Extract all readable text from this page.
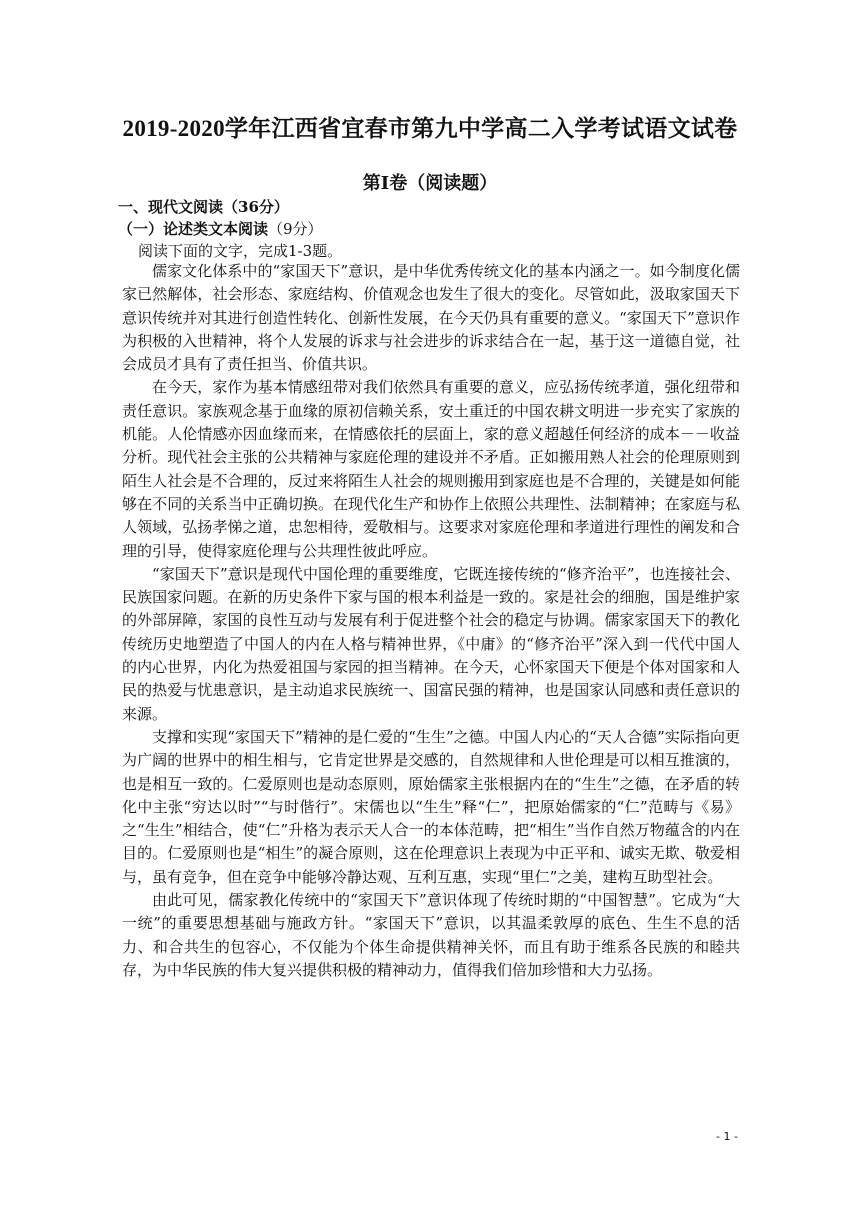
2019-2020学年江西省宜春市第九中学高二入学考试语文试卷
第Ⅰ卷（阅读题）
一、现代文阅读（36分）
（一）论述类文本阅读（9分）
阅读下面的文字，完成1-3题。

儒家文化体系中的“家国天下”意识，是中华优秀传统文化的基本内涵之一。如今制度化儒家已然解体，社会形态、家庭结构、价值观念也发生了很大的变化。尽管如此，汲取家国天下意识传统并对其进行创造性转化、创新性发展，在今天仍具有重要的意义。“家国天下”意识作为积极的入世精神，将个人发展的诉求与社会进步的诉求结合在一起，基于这一道德自觉，社会成员才具有了责任担当、价值共识。

在今天，家作为基本情感纽带对我们依然具有重要的意义，应弘扬传统孝道，强化纽带和责任意识。家族观念基于血缘的原初信赖关系，安土重迁的中国农耕文明进一步充实了家族的机能。人伦情感亦因血缘而来，在情感依托的层面上，家的意义超越任何经济的成本－－收益分析。现代社会主张的公共精神与家庭伦理的建设并不矛盾。正如搬用熟人社会的伦理原则到陌生人社会是不合理的，反过来将陌生人社会的规则搬用到家庭也是不合理的，关键是如何能够在不同的关系当中正确切换。在现代化生产和协作上依照公共理性、法制精神；在家庭与私人领域，弘扬孝悌之道，忠恕相待，爱敬相与。这要求对家庭伦理和孝道进行理性的阐发和合理的引导，使得家庭伦理与公共理性彼此呼应。

“家国天下”意识是现代中国伦理的重要维度，它既连接传统的“修齐治平”，也连接社会、民族国家问题。在新的历史条件下家与国的根本利益是一致的。家是社会的细胞，国是维护家的外部屏障，家国的良性互动与发展有利于促进整个社会的稳定与协调。儒家家国天下的教化传统历史地塑造了中国人的内在人格与精神世界，《中庸》的“修齐治平”深入到一代代中国人的内心世界，内化为热爱祖国与家园的担当精神。在今天，心怀家国天下便是个体对国家和人民的热爱与忧患意识，是主动追求民族统一、国富民强的精神，也是国家认同感和责任意识的来源。

支撑和实现“家国天下”精神的是仁爱的“生生”之德。中国人内心的“天人合德”实际指向更为广阔的世界中的相生相与，它肯定世界是交感的，自然规律和人世伦理是可以相互推演的，也是相互一致的。仁爱原则也是动态原则，原始儒家主张根据内在的“生生”之德，在矛盾的转化中主张“穷达以时”“与时偕行”。宋儒也以“生生”释“仁”，把原始儒家的“仁”范畴与《易》之“生生”相结合，使“仁”升格为表示天人合一的本体范畴，把“相生”当作自然万物蕴含的内在目的。仁爱原则也是“相生”的凝合原则，这在伦理意识上表现为中正平和、诚实无欺、敬爱相与，虽有竞争，但在竞争中能够冷静达观、互利互惠，实现“里仁”之美，建构互助型社会。

由此可见，儒家教化传统中的“家国天下”意识体现了传统时期的“中国智慧”。它成为“大一统”的重要思想基础与施政方针。“家国天下”意识，以其温柔敦厚的底色、生生不息的活力、和合共生的包容心，不仅能为个体生命提供精神关怀，而且有助于维系各民族的和睦共存，为中华民族的伟大复兴提供积极的精神动力，值得我们倍加珍惜和大力弘扬。

- 1 -
